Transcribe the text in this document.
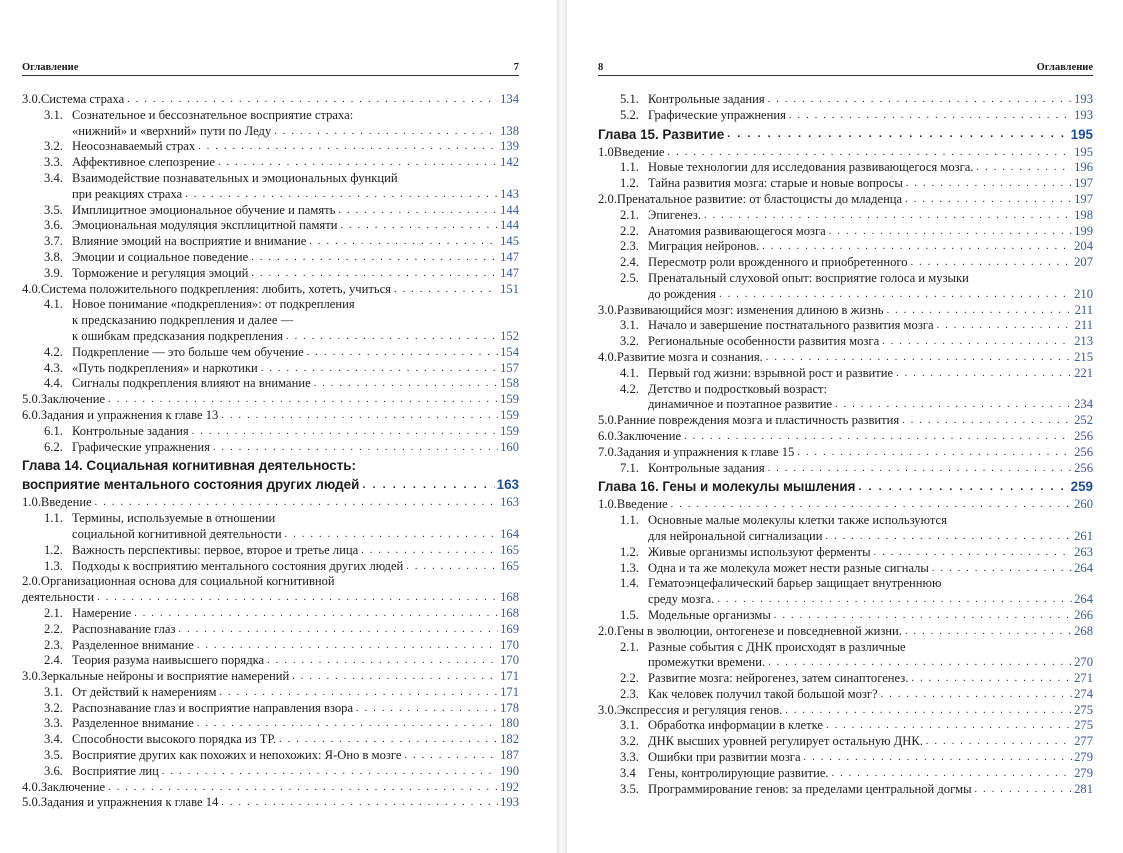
Оглавление	7
3.0. Система страха . . .	134
3.1. Сознательное и бессознательное восприятие страха:
«нижний» и «верхний» пути по Леду . . .	138
3.2. Неосознаваемый страх . . .	139
3.3. Аффективное слепозрение . . .	142
3.4. Взаимодействие познавательных и эмоциональных функций
при реакциях страха . . .	143
3.5. Имплицитное эмоциональное обучение и память . . .	144
3.6. Эмоциональная модуляция эксплицитной памяти . . .	144
3.7. Влияние эмоций на восприятие и внимание . . .	145
3.8. Эмоции и социальное поведение . . .	147
3.9. Торможение и регуляция эмоций . . .	147
4.0. Система положительного подкрепления: любить, хотеть, учиться . . .	151
4.1. Новое понимание «подкрепления»: от подкрепления
к предсказанию подкрепления и далее —
к ошибкам предсказания подкрепления . . .	152
4.2. Подкрепление — это больше чем обучение . . .	154
4.3. «Путь подкрепления» и наркотики . . .	157
4.4. Сигналы подкрепления влияют на внимание . . .	158
5.0. Заключение . . .	159
6.0. Задания и упражнения к главе 13 . . .	159
6.1. Контрольные задания . . .	159
6.2. Графические упражнения . . .	160
Глава 14. Социальная когнитивная деятельность:
восприятие ментального состояния других людей . . .	163
1.0. Введение . . .	163
1.1. Термины, используемые в отношении
социальной когнитивной деятельности . . .	164
1.2. Важность перспективы: первое, второе и третье лица . . .	165
1.3. Подходы к восприятию ментального состояния других людей . . .	165
2.0. Организационная основа для социальной когнитивной
деятельности . . .	168
2.1. Намерение . . .	168
2.2. Распознавание глаз . . .	169
2.3. Разделенное внимание . . .	170
2.4. Теория разума наивысшего порядка . . .	170
3.0. Зеркальные нейроны и восприятие намерений . . .	171
3.1. От действий к намерениям . . .	171
3.2. Распознавание глаз и восприятие направления взора . . .	178
3.3. Разделенное внимание . . .	180
3.4. Способности высокого порядка из ТР. . . .	182
3.5. Восприятие других как похожих и непохожих: Я-Оно в мозге . . .	187
3.6. Восприятие лиц . . .	190
4.0. Заключение . . .	192
5.0. Задания и упражнения к главе 14 . . .	193
8	Оглавление
5.1. Контрольные задания . . .	193
5.2. Графические упражнения . . .	193
Глава 15. Развитие . . .	195
1.0 Введение . . .	195
1.1. Новые технологии для исследования развивающегося мозга. . . .	196
1.2. Тайна развития мозга: старые и новые вопросы . . .	197
2.0. Пренатальное развитие: от бластоцисты до младенца . . .	197
2.1. Эпигенез. . . .	198
2.2. Анатомия развивающегося мозга . . .	199
2.3. Миграция нейронов. . . .	204
2.4. Пересмотр роли врожденного и приобретенного . . .	207
2.5. Пренатальный слуховой опыт: восприятие голоса и музыки
до рождения . . .	210
3.0. Развивающийся мозг: изменения длиною в жизнь . . .	211
3.1. Начало и завершение постнатального развития мозга . . .	211
3.2. Региональные особенности развития мозга . . .	213
4.0. Развитие мозга и сознания. . . .	215
4.1. Первый год жизни: взрывной рост и развитие . . .	221
4.2. Детство и подростковый возраст:
динамичное и поэтапное развитие . . .	234
5.0. Ранние повреждения мозга и пластичность развития . . .	252
6.0. Заключение . . .	256
7.0. Задания и упражнения к главе 15 . . .	256
7.1. Контрольные задания . . .	256
Глава 16. Гены и молекулы мышления . . .	259
1.0. Введение . . .	260
1.1. Основные малые молекулы клетки также используются
для нейрональной сигнализации . . .	261
1.2. Живые организмы используют ферменты . . .	263
1.3. Одна и та же молекула может нести разные сигналы . . .	264
1.4. Гематоэнцефалический барьер защищает внутреннюю
среду мозга. . . .	264
1.5. Модельные организмы . . .	266
2.0. Гены в эволюции, онтогенезе и повседневной жизни. . . .	268
2.1. Разные события с ДНК происходят в различные
промежутки времени. . . .	270
2.2. Развитие мозга: нейрогенез, затем синаптогенез. . . .	271
2.3. Как человек получил такой большой мозг? . . .	274
3.0. Экспрессия и регуляция генов. . . .	275
3.1. Обработка информации в клетке . . .	275
3.2. ДНК высших уровней регулирует остальную ДНК. . . .	277
3.3. Ошибки при развитии мозга . . .	279
3.4 Гены, контролирующие развитие. . . .	279
3.5. Программирование генов: за пределами центральной догмы . . .	281
